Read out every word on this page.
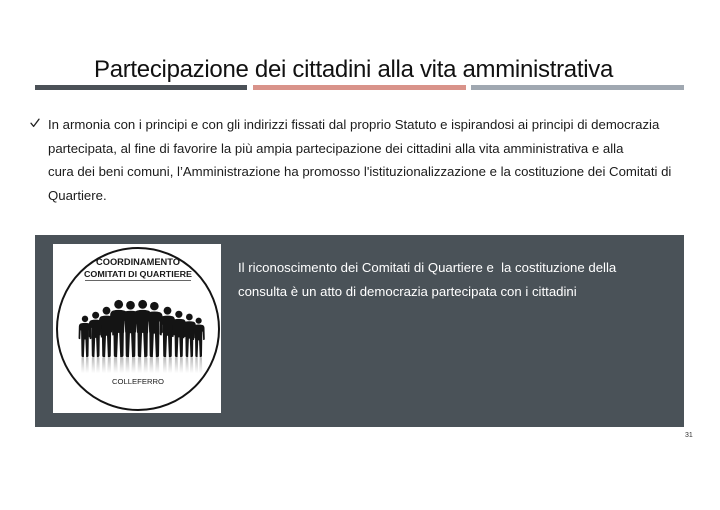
Partecipazione dei cittadini alla vita amministrativa
In armonia con i principi e con gli indirizzi fissati dal proprio Statuto e ispirandosi ai principi di democrazia
partecipata, al fine di favorire la più ampia partecipazione dei cittadini alla vita amministrativa e alla
cura dei beni comuni, l’Amministrazione ha promosso l'istituzionalizzazione e la costituzione dei Comitati di
Quartiere.
COORDINAMENTO
COMITATI DI QUARTIERE
COLLEFERRO
Il riconoscimento dei Comitati di Quartiere e  la costituzione della
consulta è un atto di democrazia partecipata con i cittadini
31
